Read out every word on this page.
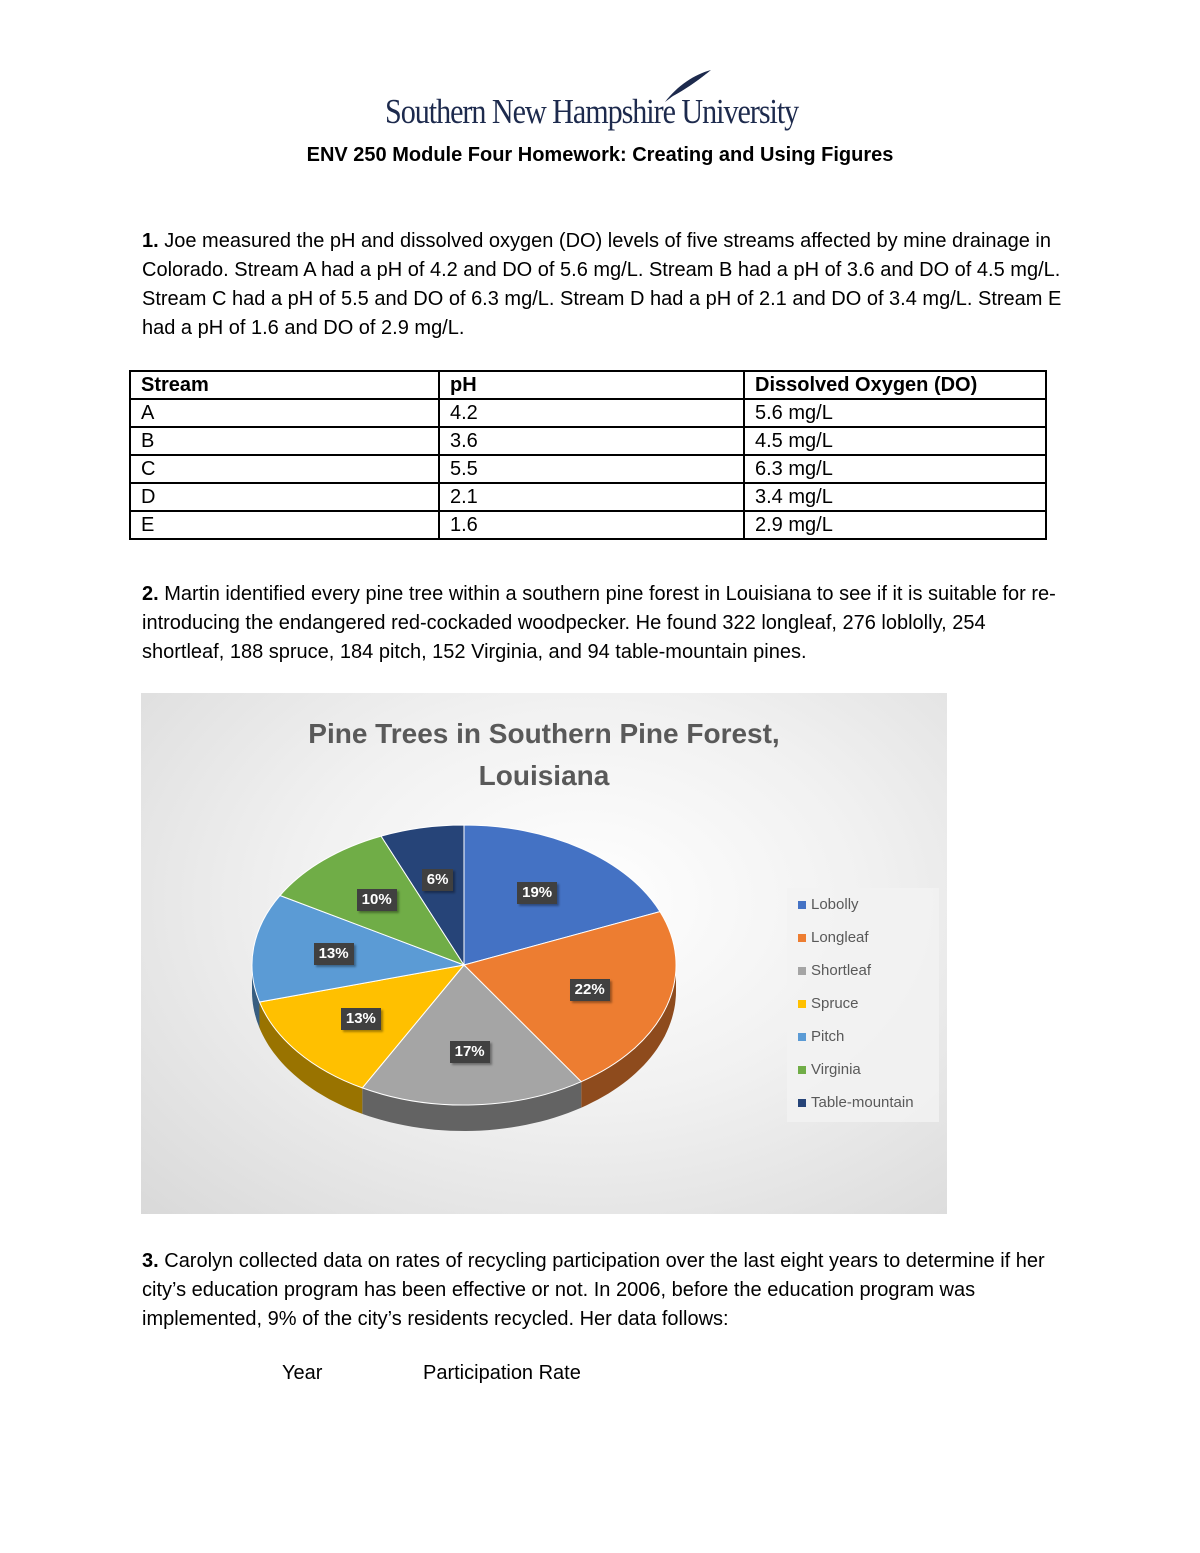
Southern New Hampshire University
ENV 250 Module Four Homework: Creating and Using Figures

1. Joe measured the pH and dissolved oxygen (DO) levels of five streams affected by mine drainage in Colorado. Stream A had a pH of 4.2 and DO of 5.6 mg/L. Stream B had a pH of 3.6 and DO of 4.5 mg/L. Stream C had a pH of 5.5 and DO of 6.3 mg/L. Stream D had a pH of 2.1 and DO of 3.4 mg/L. Stream E had a pH of 1.6 and DO of 2.9 mg/L.

Stream	pH	Dissolved Oxygen (DO)
A	4.2	5.6 mg/L
B	3.6	4.5 mg/L
C	5.5	6.3 mg/L
D	2.1	3.4 mg/L
E	1.6	2.9 mg/L

2. Martin identified every pine tree within a southern pine forest in Louisiana to see if it is suitable for re-introducing the endangered red-cockaded woodpecker. He found 322 longleaf, 276 loblolly, 254 shortleaf, 188 spruce, 184 pitch, 152 Virginia, and 94 table-mountain pines.

Pine Trees in Southern Pine Forest,
Louisiana
Lobolly
Longleaf
Shortleaf
Spruce
Pitch
Virginia
Table-mountain
19%
22%
17%
13%
13%
10%
6%

3. Carolyn collected data on rates of recycling participation over the last eight years to determine if her city’s education program has been effective or not. In 2006, before the education program was implemented, 9% of the city’s residents recycled. Her data follows:

Year	Participation Rate
